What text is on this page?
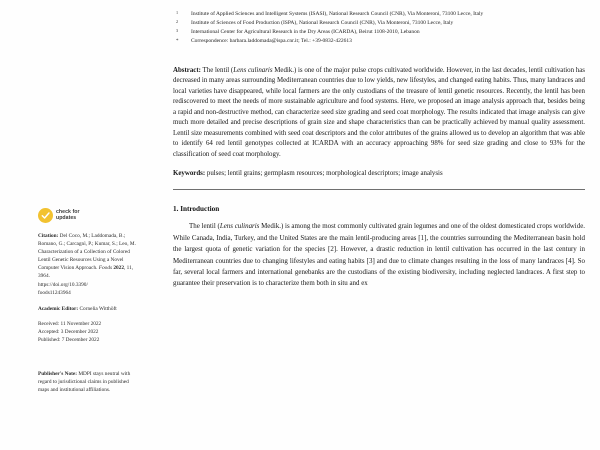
check for
updates
Citation: Del Coco, M.; Laddomada, B.; Romano, G.; Carcagnì, P.; Kumar, S.; Leo, M. Characterization of a Collection of Colored Lentil Genetic Resources Using a Novel Computer Vision Approach. Foods 2022, 11, 3964.
https://doi.org/10.3390/
foods11243964
Academic Editor: Cornelia Witthöft
Received: 11 November 2022
Accepted: 3 December 2022
Published: 7 December 2022
Publisher's Note: MDPI stays neutral with regard to jurisdictional claims in published maps and institutional affiliations.
1 Institute of Applied Sciences and Intelligent Systems (ISASI), National Research Council (CNR), Via Monteroni, 73100 Lecce, Italy
2 Institute of Sciences of Food Production (ISPA), National Research Council (CNR), Via Monteroni, 73100 Lecce, Italy
3 International Center for Agricultural Research in the Dry Areas (ICARDA), Beirut 1108-2010, Lebanon
* Correspondence: barbara.laddomada@ispa.cnr.it; Tel.: +39-0832-422613

Abstract: The lentil (Lens culinaris Medik.) is one of the major pulse crops cultivated worldwide. However, in the last decades, lentil cultivation has decreased in many areas surrounding Mediterranean countries due to low yields, new lifestyles, and changed eating habits. Thus, many landraces and local varieties have disappeared, while local farmers are the only custodians of the treasure of lentil genetic resources. Recently, the lentil has been rediscovered to meet the needs of more sustainable agriculture and food systems. Here, we proposed an image analysis approach that, besides being a rapid and non-destructive method, can characterize seed size grading and seed coat morphology. The results indicated that image analysis can give much more detailed and precise descriptions of grain size and shape characteristics than can be practically achieved by manual quality assessment. Lentil size measurements combined with seed coat descriptors and the color attributes of the grains allowed us to develop an algorithm that was able to identify 64 red lentil genotypes collected at ICARDA with an accuracy approaching 98% for seed size grading and close to 93% for the classification of seed coat morphology.

Keywords: pulses; lentil grains; germplasm resources; morphological descriptors; image analysis

1. Introduction

The lentil (Lens culinaris Medik.) is among the most commonly cultivated grain legumes and one of the oldest domesticated crops worldwide. While Canada, India, Turkey, and the United States are the main lentil-producing areas [1], the countries surrounding the Mediterranean basin hold the largest quota of genetic variation for the species [2]. However, a drastic reduction in lentil cultivation has occurred in the last century in Mediterranean countries due to changing lifestyles and eating habits [3] and due to climate changes resulting in the loss of many landraces [4]. So far, several local farmers and international genebanks are the custodians of the existing biodiversity, including neglected landraces. A first step to guarantee their preservation is to characterize them both in situ and ex
